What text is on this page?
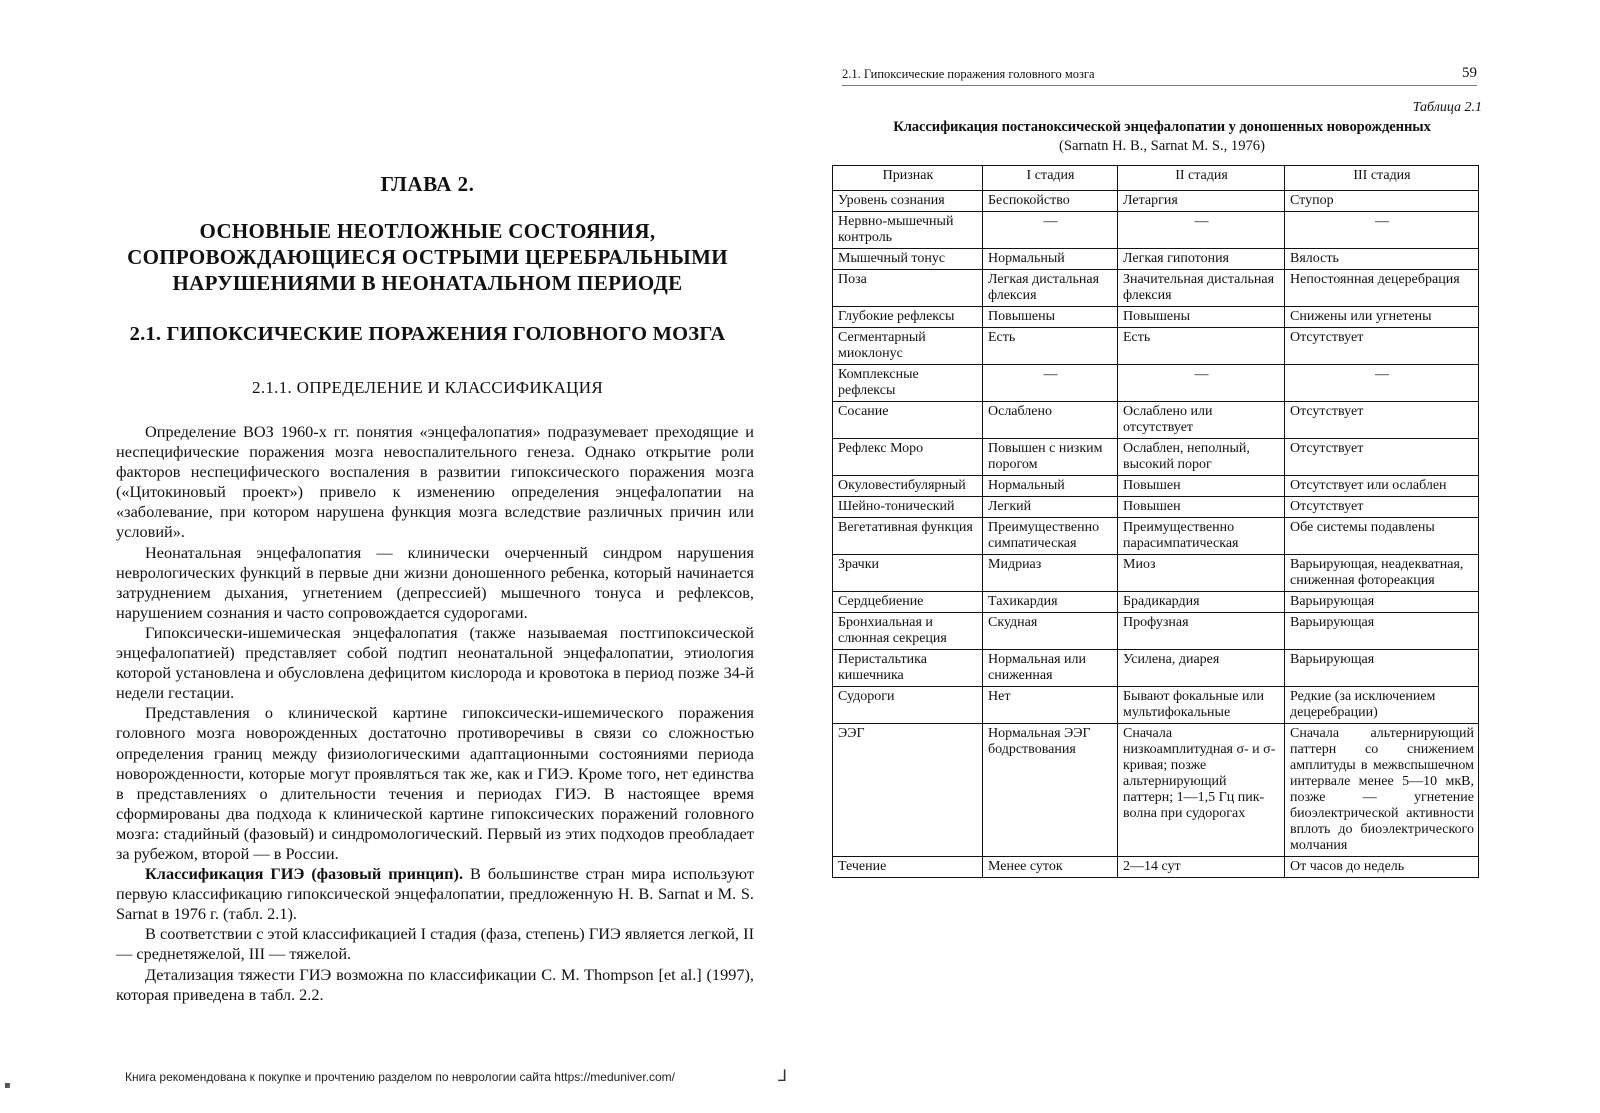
ГЛАВА 2.
ОСНОВНЫЕ НЕОТЛОЖНЫЕ СОСТОЯНИЯ,
СОПРОВОЖДАЮЩИЕСЯ ОСТРЫМИ ЦЕРЕБРАЛЬНЫМИ
НАРУШЕНИЯМИ В НЕОНАТАЛЬНОМ ПЕРИОДЕ
2.1. ГИПОКСИЧЕСКИЕ ПОРАЖЕНИЯ ГОЛОВНОГО МОЗГА
2.1.1. ОПРЕДЕЛЕНИЕ И КЛАССИФИКАЦИЯ

Определение ВОЗ 1960-х гг. понятия «энцефалопатия» подразумевает преходящие и неспецифические поражения мозга невоспалительного генеза. Однако открытие роли факторов неспецифического воспаления в развитии гипоксического поражения мозга («Цитокиновый проект») привело к изменению определения энцефалопатии на «заболевание, при котором нарушена функция мозга вследствие различных причин или условий».

Неонатальная энцефалопатия — клинически очерченный синдром нарушения неврологических функций в первые дни жизни доношенного ребенка, который начинается затруднением дыхания, угнетением (депрессией) мышечного тонуса и рефлексов, нарушением сознания и часто сопровождается судорогами.

Гипоксически-ишемическая энцефалопатия (также называемая постгипоксической энцефалопатией) представляет собой подтип неонатальной энцефалопатии, этиология которой установлена и обусловлена дефицитом кислорода и кровотока в период позже 34-й недели гестации.

Представления о клинической картине гипоксически-ишемического поражения головного мозга новорожденных достаточно противоречивы в связи со сложностью определения границ между физиологическими адаптационными состояниями периода новорожденности, которые могут проявляться так же, как и ГИЭ. Кроме того, нет единства в представлениях о длительности течения и периодах ГИЭ. В настоящее время сформированы два подхода к клинической картине гипоксических поражений головного мозга: стадийный (фазовый) и синдромологический. Первый из этих подходов преобладает за рубежом, второй — в России.

Классификация ГИЭ (фазовый принцип). В большинстве стран мира используют первую классификацию гипоксической энцефалопатии, предложенную H. B. Sarnat и M. S. Sarnat в 1976 г. (табл. 2.1).

В соответствии с этой классификацией I стадия (фаза, степень) ГИЭ является легкой, II — среднетяжелой, III — тяжелой.

Детализация тяжести ГИЭ возможна по классификации C. M. Thompson [et al.] (1997), которая приведена в табл. 2.2.

Книга рекомендована к покупке и прочтению разделом по неврологии сайта https://meduniver.com/	⅃
▪
2.1. Гипоксические поражения головного мозга	59
Таблица 2.1
Классификация постаноксической энцефалопатии у доношенных новорожденных
(Sarnatn H. B., Sarnat M. S., 1976)
Признак	I стадия	II стадия	III стадия
Уровень сознания	Беспокойство	Летаргия	Ступор
Нервно-мышечный контроль	—	—	—
Мышечный тонус	Нормальный	Легкая гипотония	Вялость
Поза	Легкая дистальная флексия	Значительная дистальная флексия	Непостоянная децеребрация
Глубокие рефлексы	Повышены	Повышены	Снижены или угнетены
Сегментарный миоклонус	Есть	Есть	Отсутствует
Комплексные рефлексы	—	—	—
Сосание	Ослаблено	Ослаблено или отсутствует	Отсутствует
Рефлекс Моро	Повышен с низким порогом	Ослаблен, неполный, высокий порог	Отсутствует
Окуловестибулярный	Нормальный	Повышен	Отсутствует или ослаблен
Шейно-тонический	Легкий	Повышен	Отсутствует
Вегетативная функция	Преимущественно симпатическая	Преимущественно парасимпатическая	Обе системы подавлены
Зрачки	Мидриаз	Миоз	Варьирующая, неадекватная, сниженная фотореакция
Сердцебиение	Тахикардия	Брадикардия	Варьирующая
Бронхиальная и слюнная секреция	Скудная	Профузная	Варьирующая
Перистальтика кишечника	Нормальная или сниженная	Усилена, диарея	Варьирующая
Судороги	Нет	Бывают фокальные или мультифокальные	Редкие (за исключением децеребрации)
ЭЭГ	Нормальная ЭЭГ бодрствования	Сначала низкоамплитудная σ- и σ-кривая; позже альтернирующий паттерн; 1—1,5 Гц пик-волна при судорогах	Сначала альтернирующий паттерн со снижением амплитуды в межвспышечном интервале менее 5—10 мкВ, позже — угнетение биоэлектрической активности вплоть до биоэлектрического молчания
Течение	Менее суток	2—14 сут	От часов до недель
